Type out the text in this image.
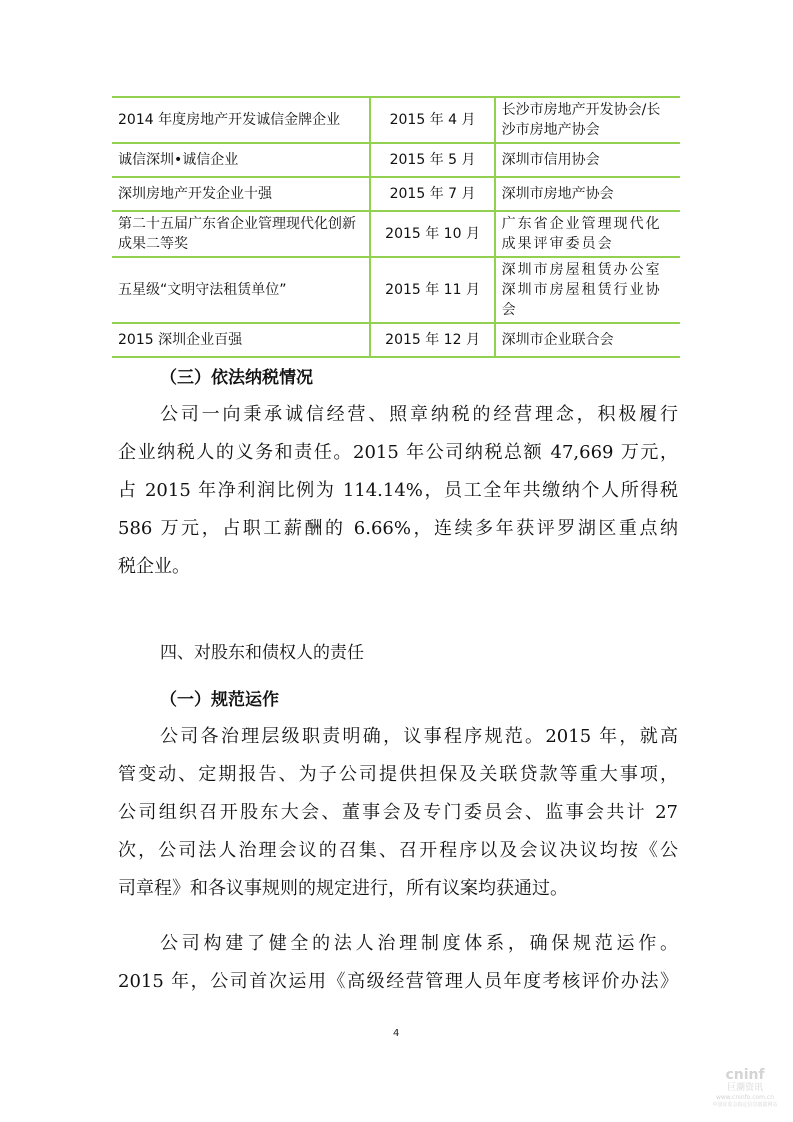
2014 年度房地产开发诚信金牌企业	2015 年 4 月	长沙市房地产开发协会/长沙市房地产协会
诚信深圳•诚信企业	2015 年 5 月	深圳市信用协会
深圳房地产开发企业十强	2015 年 7 月	深圳市房地产协会
第二十五届广东省企业管理现代化创新成果二等奖	2015 年 10 月	广东省企业管理现代化成果评审委员会
五星级“文明守法租赁单位”	2015 年 11 月	深圳市房屋租赁办公室 深圳市房屋租赁行业协会
2015 深圳企业百强	2015 年 12 月	深圳市企业联合会
（三）依法纳税情况
公司一向秉承诚信经营、照章纳税的经营理念，积极履行
企业纳税人的义务和责任。2015 年公司纳税总额 47,669 万元，
占 2015 年净利润比例为 114.14%，员工全年共缴纳个人所得税
586 万元，占职工薪酬的 6.66%，连续多年获评罗湖区重点纳
税企业。
四、对股东和债权人的责任
（一）规范运作
公司各治理层级职责明确，议事程序规范。2015 年，就高
管变动、定期报告、为子公司提供担保及关联贷款等重大事项，
公司组织召开股东大会、董事会及专门委员会、监事会共计 27
次，公司法人治理会议的召集、召开程序以及会议决议均按《公
司章程》和各议事规则的规定进行，所有议案均获通过。
公司构建了健全的法人治理制度体系，确保规范运作。
2015 年，公司首次运用《高级经营管理人员年度考核评价办法》
4
cninf
巨潮资讯
www.cninfo.com.cn
中国证监会指定信息披露网站
